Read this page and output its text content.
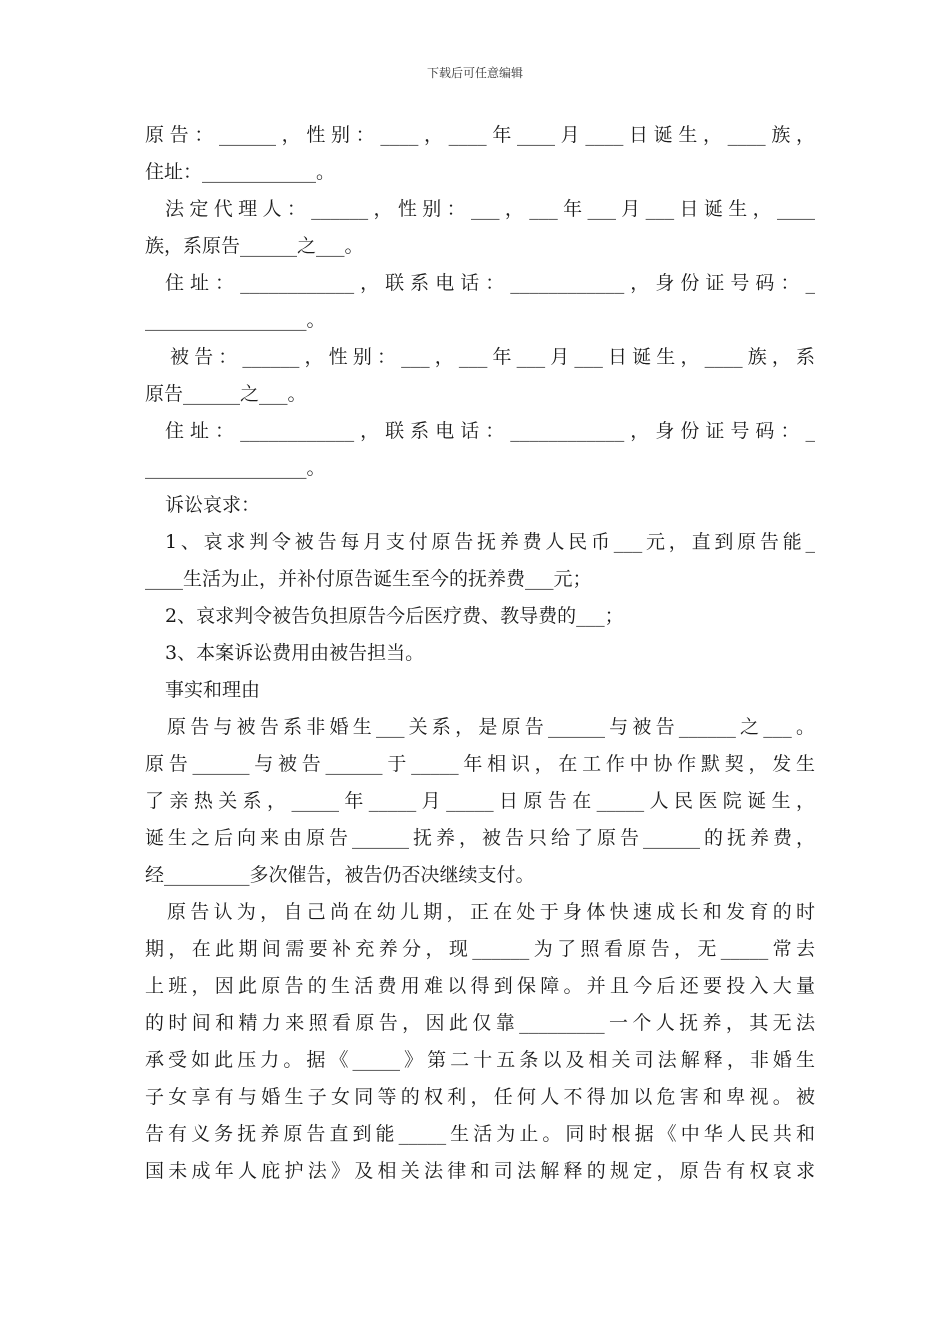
下载后可任意编辑
原告：______，性别：____，____年____月____日诞生，____族，
住址：____________。
法定代理人：______，性别：___，___年___月___日诞生，____
族，系原告______之___。
住址：____________，联系电话：____________，身份证号码：_
_________________。
被告：______，性别：___，___年___月___日诞生，____族，系
原告______之___。
住址：____________，联系电话：____________，身份证号码：_
_________________。
诉讼哀求：
1、哀求判令被告每月支付原告抚养费人民币___元，直到原告能_
____生活为止，并补付原告诞生至今的抚养费___元；
2、哀求判令被告负担原告今后医疗费、教导费的___；
3、本案诉讼费用由被告担当。
事实和理由
原告与被告系非婚生___关系，是原告______与被告______之___。
原告______与被告______于_____年相识，在工作中协作默契，发生
了亲热关系，_____年_____月_____日原告在_____人民医院诞生，
诞生之后向来由原告______抚养，被告只给了原告______的抚养费，
经_________多次催告，被告仍否决继续支付。
原告认为，自己尚在幼儿期，正在处于身体快速成长和发育的时
期，在此期间需要补充养分，现______为了照看原告，无_____常去
上班，因此原告的生活费用难以得到保障。并且今后还要投入大量
的时间和精力来照看原告，因此仅靠_________一个人抚养，其无法
承受如此压力。据《_____》第二十五条以及相关司法解释，非婚生
子女享有与婚生子女同等的权利，任何人不得加以危害和卑视。被
告有义务抚养原告直到能_____生活为止。同时根据《中华人民共和
国未成年人庇护法》及相关法律和司法解释的规定，原告有权哀求
